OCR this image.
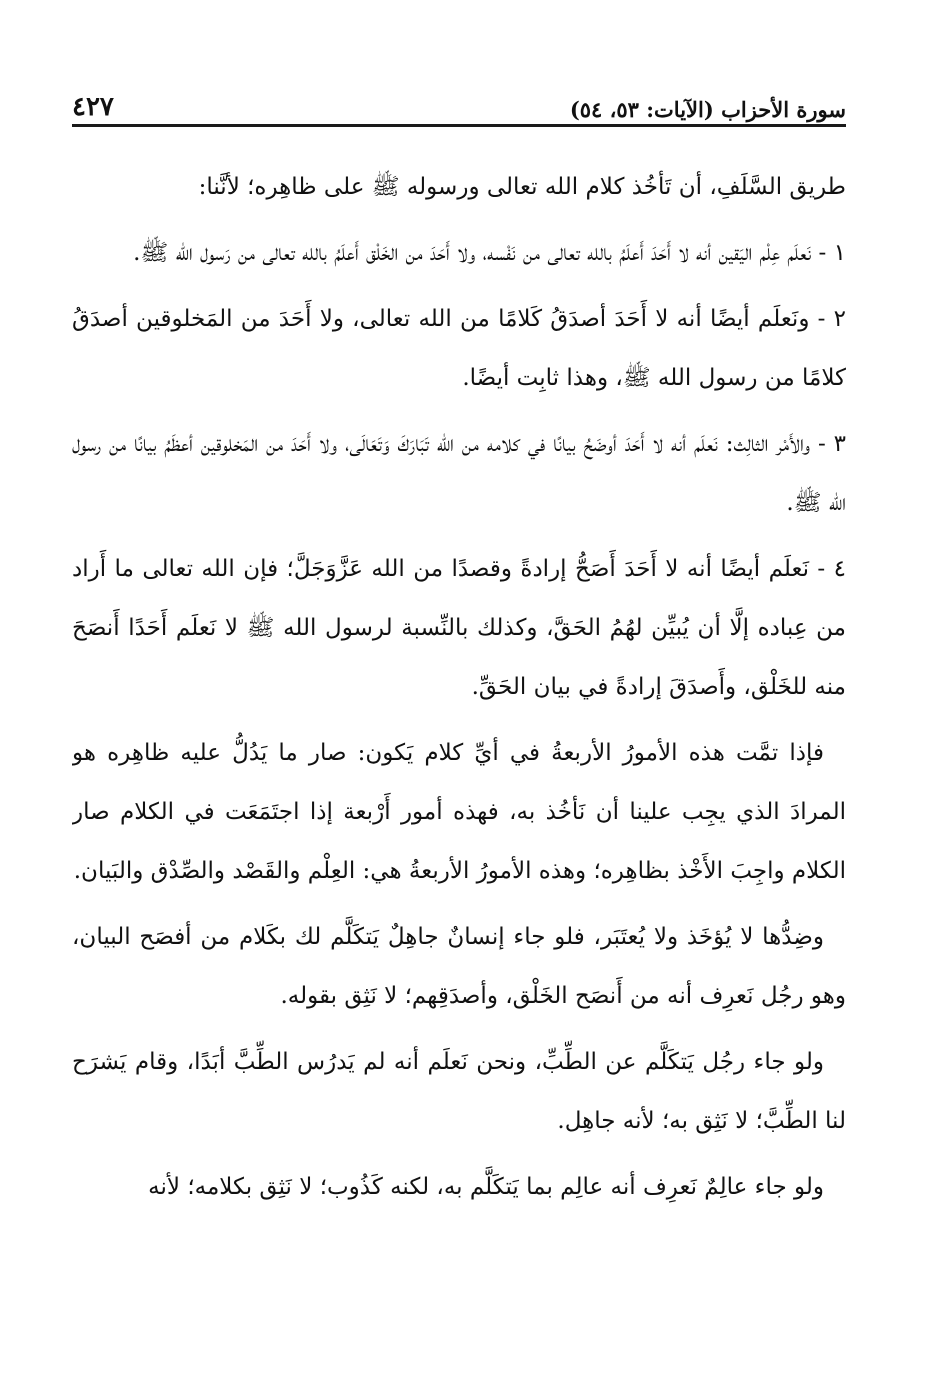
سورة الأحزاب (الآيات: ٥٣، ٥٤)
٤٢٧

طريق السَّلَفِ، أن تَأخُذ كلام الله تعالى ورسوله ﷺ على ظاهِره؛ لأنَّنا:

١ - نَعلَم عِلْم اليَقين أنه لا أَحَدَ أَعلَمُ بالله تعالى من نَفْسه، ولا أَحَدَ من الخَلْق أَعلَمُ بالله تعالى من رَسول الله ﷺ.

٢ - ونَعلَم أيضًا أنه لا أَحَدَ أصدَقُ كَلامًا من الله تعالى، ولا أَحَدَ من المَخلوقين أصدَقُ كلامًا من رسول الله ﷺ، وهذا ثابِت أيضًا.

٣ - والأَمْر الثالِث: نَعلَم أنه لا أَحَدَ أوضَحُ بيانًا في كلامه من الله تَبَارَكَ وَتَعَالَى، ولا أَحَدَ من المَخلوقين أعظَمُ بيانًا من رسول الله ﷺ.

٤ - نَعلَم أيضًا أنه لا أَحَدَ أَصَحُّ إرادةً وقصدًا من الله عَزَّوَجَلَّ؛ فإن الله تعالى ما أَراد من عِباده إلَّا أن يُبيِّن لهُمُ الحَقَّ، وكذلك بالنِّسبة لرسول الله ﷺ لا نَعلَم أَحَدًا أَنصَحَ منه للخَلْق، وأَصدَقَ إرادةً في بيان الحَقِّ.

فإذا تمَّت هذه الأمورُ الأربعةُ في أيِّ كلام يَكون: صار ما يَدُلُّ عليه ظاهِره هو المرادَ الذي يجِب علينا أن نَأخُذ به، فهذه أمور أَرْبعة إذا اجتَمَعَت في الكلام صار الكلام واجِبَ الأَخْذ بظاهِره؛ وهذه الأمورُ الأربعةُ هي: العِلْم والقَصْد والصِّدْق والبَيان.

وضِدُّها لا يُؤخَذ ولا يُعتَبَر، فلو جاء إنسانٌ جاهِلٌ يَتكَلَّم لك بكَلام من أفصَح البيان، وهو رجُل نَعرِف أنه من أَنصَح الخَلْق، وأصدَقِهم؛ لا نَثِق بقوله.

ولو جاء رجُل يَتكَلَّم عن الطِّبِّ، ونحن نَعلَم أنه لم يَدرُس الطِّبَّ أبَدًا، وقام يَشرَح لنا الطِّبَّ؛ لا نَثِق به؛ لأنه جاهِل.

ولو جاء عالِمٌ نَعرِف أنه عالِم بما يَتكَلَّم به، لكنه كَذُوب؛ لا نَثِق بكلامه؛ لأنه
